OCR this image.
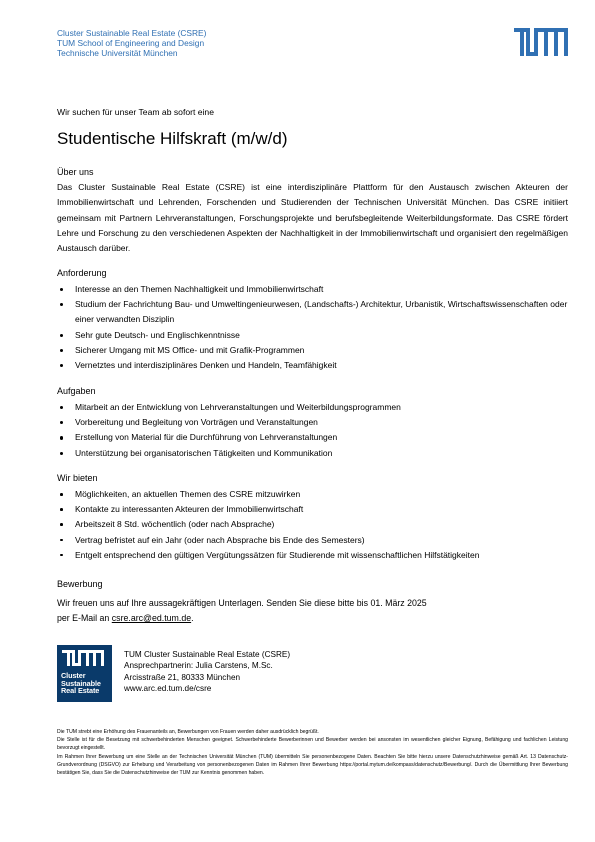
Cluster Sustainable Real Estate (CSRE)
TUM School of Engineering and Design
Technische Universität München
Wir suchen für unser Team ab sofort eine
Studentische Hilfskraft (m/w/d)
Über uns
Das Cluster Sustainable Real Estate (CSRE) ist eine interdisziplinäre Plattform für den Austausch zwischen Akteuren der Immobilienwirtschaft und Lehrenden, Forschenden und Studierenden der Technischen Universität München. Das CSRE initiiert gemeinsam mit Partnern Lehrveranstaltungen, Forschungsprojekte und berufsbegleitende Weiterbildungsformate. Das CSRE fördert Lehre und Forschung zu den verschiedenen Aspekten der Nachhaltigkeit in der Immobilienwirtschaft und organisiert den regelmäßigen Austausch darüber.
Anforderung
Interesse an den Themen Nachhaltigkeit und Immobilienwirtschaft
Studium der Fachrichtung Bau- und Umweltingenieurwesen, (Landschafts-) Architektur, Urbanistik, Wirtschaftswissenschaften oder einer verwandten Disziplin
Sehr gute Deutsch- und Englischkenntnisse
Sicherer Umgang mit MS Office- und mit Grafik-Programmen
Vernetztes und interdisziplinäres Denken und Handeln, Teamfähigkeit
Aufgaben
Mitarbeit an der Entwicklung von Lehrveranstaltungen und Weiterbildungsprogrammen
Vorbereitung und Begleitung von Vorträgen und Veranstaltungen
Erstellung von Material für die Durchführung von Lehrveranstaltungen
Unterstützung bei organisatorischen Tätigkeiten und Kommunikation
Wir bieten
Möglichkeiten, an aktuellen Themen des CSRE mitzuwirken
Kontakte zu interessanten Akteuren der Immobilienwirtschaft
Arbeitszeit 8 Std. wöchentlich (oder nach Absprache)
Vertrag befristet auf ein Jahr (oder nach Absprache bis Ende des Semesters)
Entgelt entsprechend den gültigen Vergütungssätzen für Studierende mit wissenschaftlichen Hilfstätigkeiten
Bewerbung
Wir freuen uns auf Ihre aussagekräftigen Unterlagen. Senden Sie diese bitte bis 01. März 2025
per E-Mail an csre.arc@ed.tum.de.
Cluster
Sustainable
Real Estate
TUM Cluster Sustainable Real Estate (CSRE)
Ansprechpartnerin: Julia Carstens, M.Sc.
Arcisstraße 21, 80333 München
www.arc.ed.tum.de/csre
Die TUM strebt eine Erhöhung des Frauenanteils an, Bewerbungen von Frauen werden daher ausdrücklich begrüßt.
Die Stelle ist für die Besetzung mit schwerbehinderten Menschen geeignet. Schwerbehinderte Bewerberinnen und Bewerber werden bei ansonsten im wesentlichen gleicher Eignung, Befähigung und fachlichen Leistung bevorzugt eingestellt.
Im Rahmen Ihrer Bewerbung um eine Stelle an der Technischen Universität München (TUM) übermitteln Sie personenbezogene Daten. Beachten Sie bitte hierzu unsere Datenschutzhinweise gemäß Art. 13 Datenschutz-Grundverordnung (DSGVO) zur Erhebung und Verarbeitung von personenbezogenen Daten im Rahmen Ihrer Bewerbung https://portal.mytum.de/kompass/datenschutz/Bewerbung/. Durch die Übermittlung Ihrer Bewerbung bestätigen Sie, dass Sie die Datenschutzhinweise der TUM zur Kenntnis genommen haben.
